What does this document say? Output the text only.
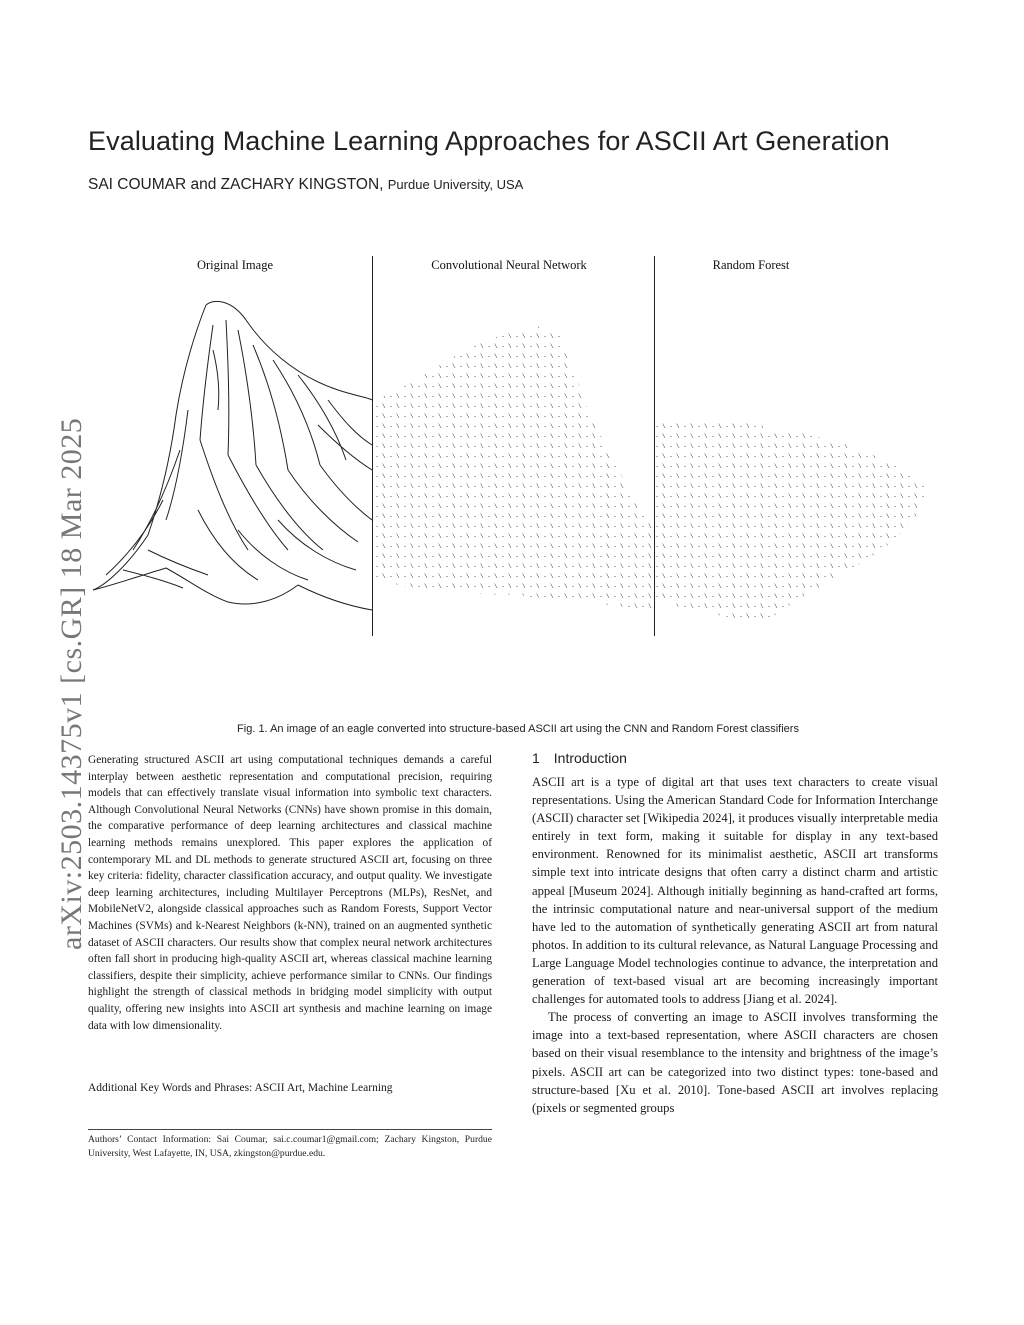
Evaluating Machine Learning Approaches for ASCII Art Generation
SAI COUMAR and ZACHARY KINGSTON, Purdue University, USA
arXiv:2503.14375v1 [cs.GR] 18 Mar 2025
Original Image	Convolutional Neural Network	Random Forest
Fig. 1. An image of an eagle converted into structure-based ASCII art using the CNN and Random Forest classifiers
Generating structured ASCII art using computational techniques demands a careful interplay between aesthetic representation and computational precision, requiring models that can effectively translate visual information into symbolic text characters. Although Convolutional Neural Networks (CNNs) have shown promise in this domain, the comparative performance of deep learning architectures and classical machine learning methods remains unexplored. This paper explores the application of contemporary ML and DL methods to generate structured ASCII art, focusing on three key criteria: fidelity, character classification accuracy, and output quality. We investigate deep learning architectures, including Multilayer Perceptrons (MLPs), ResNet, and MobileNetV2, alongside classical approaches such as Random Forests, Support Vector Machines (SVMs) and k-Nearest Neighbors (k-NN), trained on an augmented synthetic dataset of ASCII characters. Our results show that complex neural network architectures often fall short in producing high-quality ASCII art, whereas classical machine learning classifiers, despite their simplicity, achieve performance similar to CNNs. Our findings highlight the strength of classical methods in bridging model simplicity with output quality, offering new insights into ASCII art synthesis and machine learning on image data with low dimensionality.
Additional Key Words and Phrases: ASCII Art, Machine Learning
Authors’ Contact Information: Sai Coumar, sai.c.coumar1@gmail.com; Zachary Kingston, Purdue University, West Lafayette, IN, USA, zkingston@purdue.edu.
1 Introduction

ASCII art is a type of digital art that uses text characters to create visual representations. Using the American Standard Code for Information Interchange (ASCII) character set [Wikipedia 2024], it produces visually interpretable media entirely in text form, making it suitable for display in any text-based environment. Renowned for its minimalist aesthetic, ASCII art transforms simple text into intricate designs that often carry a distinct charm and artistic appeal [Museum 2024]. Although initially beginning as hand-crafted art forms, the intrinsic computational nature and near-universal support of the medium have led to the automation of synthetically generating ASCII art from natural photos. In addition to its cultural relevance, as Natural Language Processing and Large Language Model technologies continue to advance, the interpretation and generation of text-based visual art are becoming increasingly important challenges for automated tools to address [Jiang et al. 2024].

The process of converting an image to ASCII involves transforming the image into a text-based representation, where ASCII characters are chosen based on their visual resemblance to the intensity and brightness of the image’s pixels. ASCII art can be categorized into two distinct types: tone-based and structure-based [Xu et al. 2010]. Tone-based ASCII art involves replacing (pixels or segmented groups
